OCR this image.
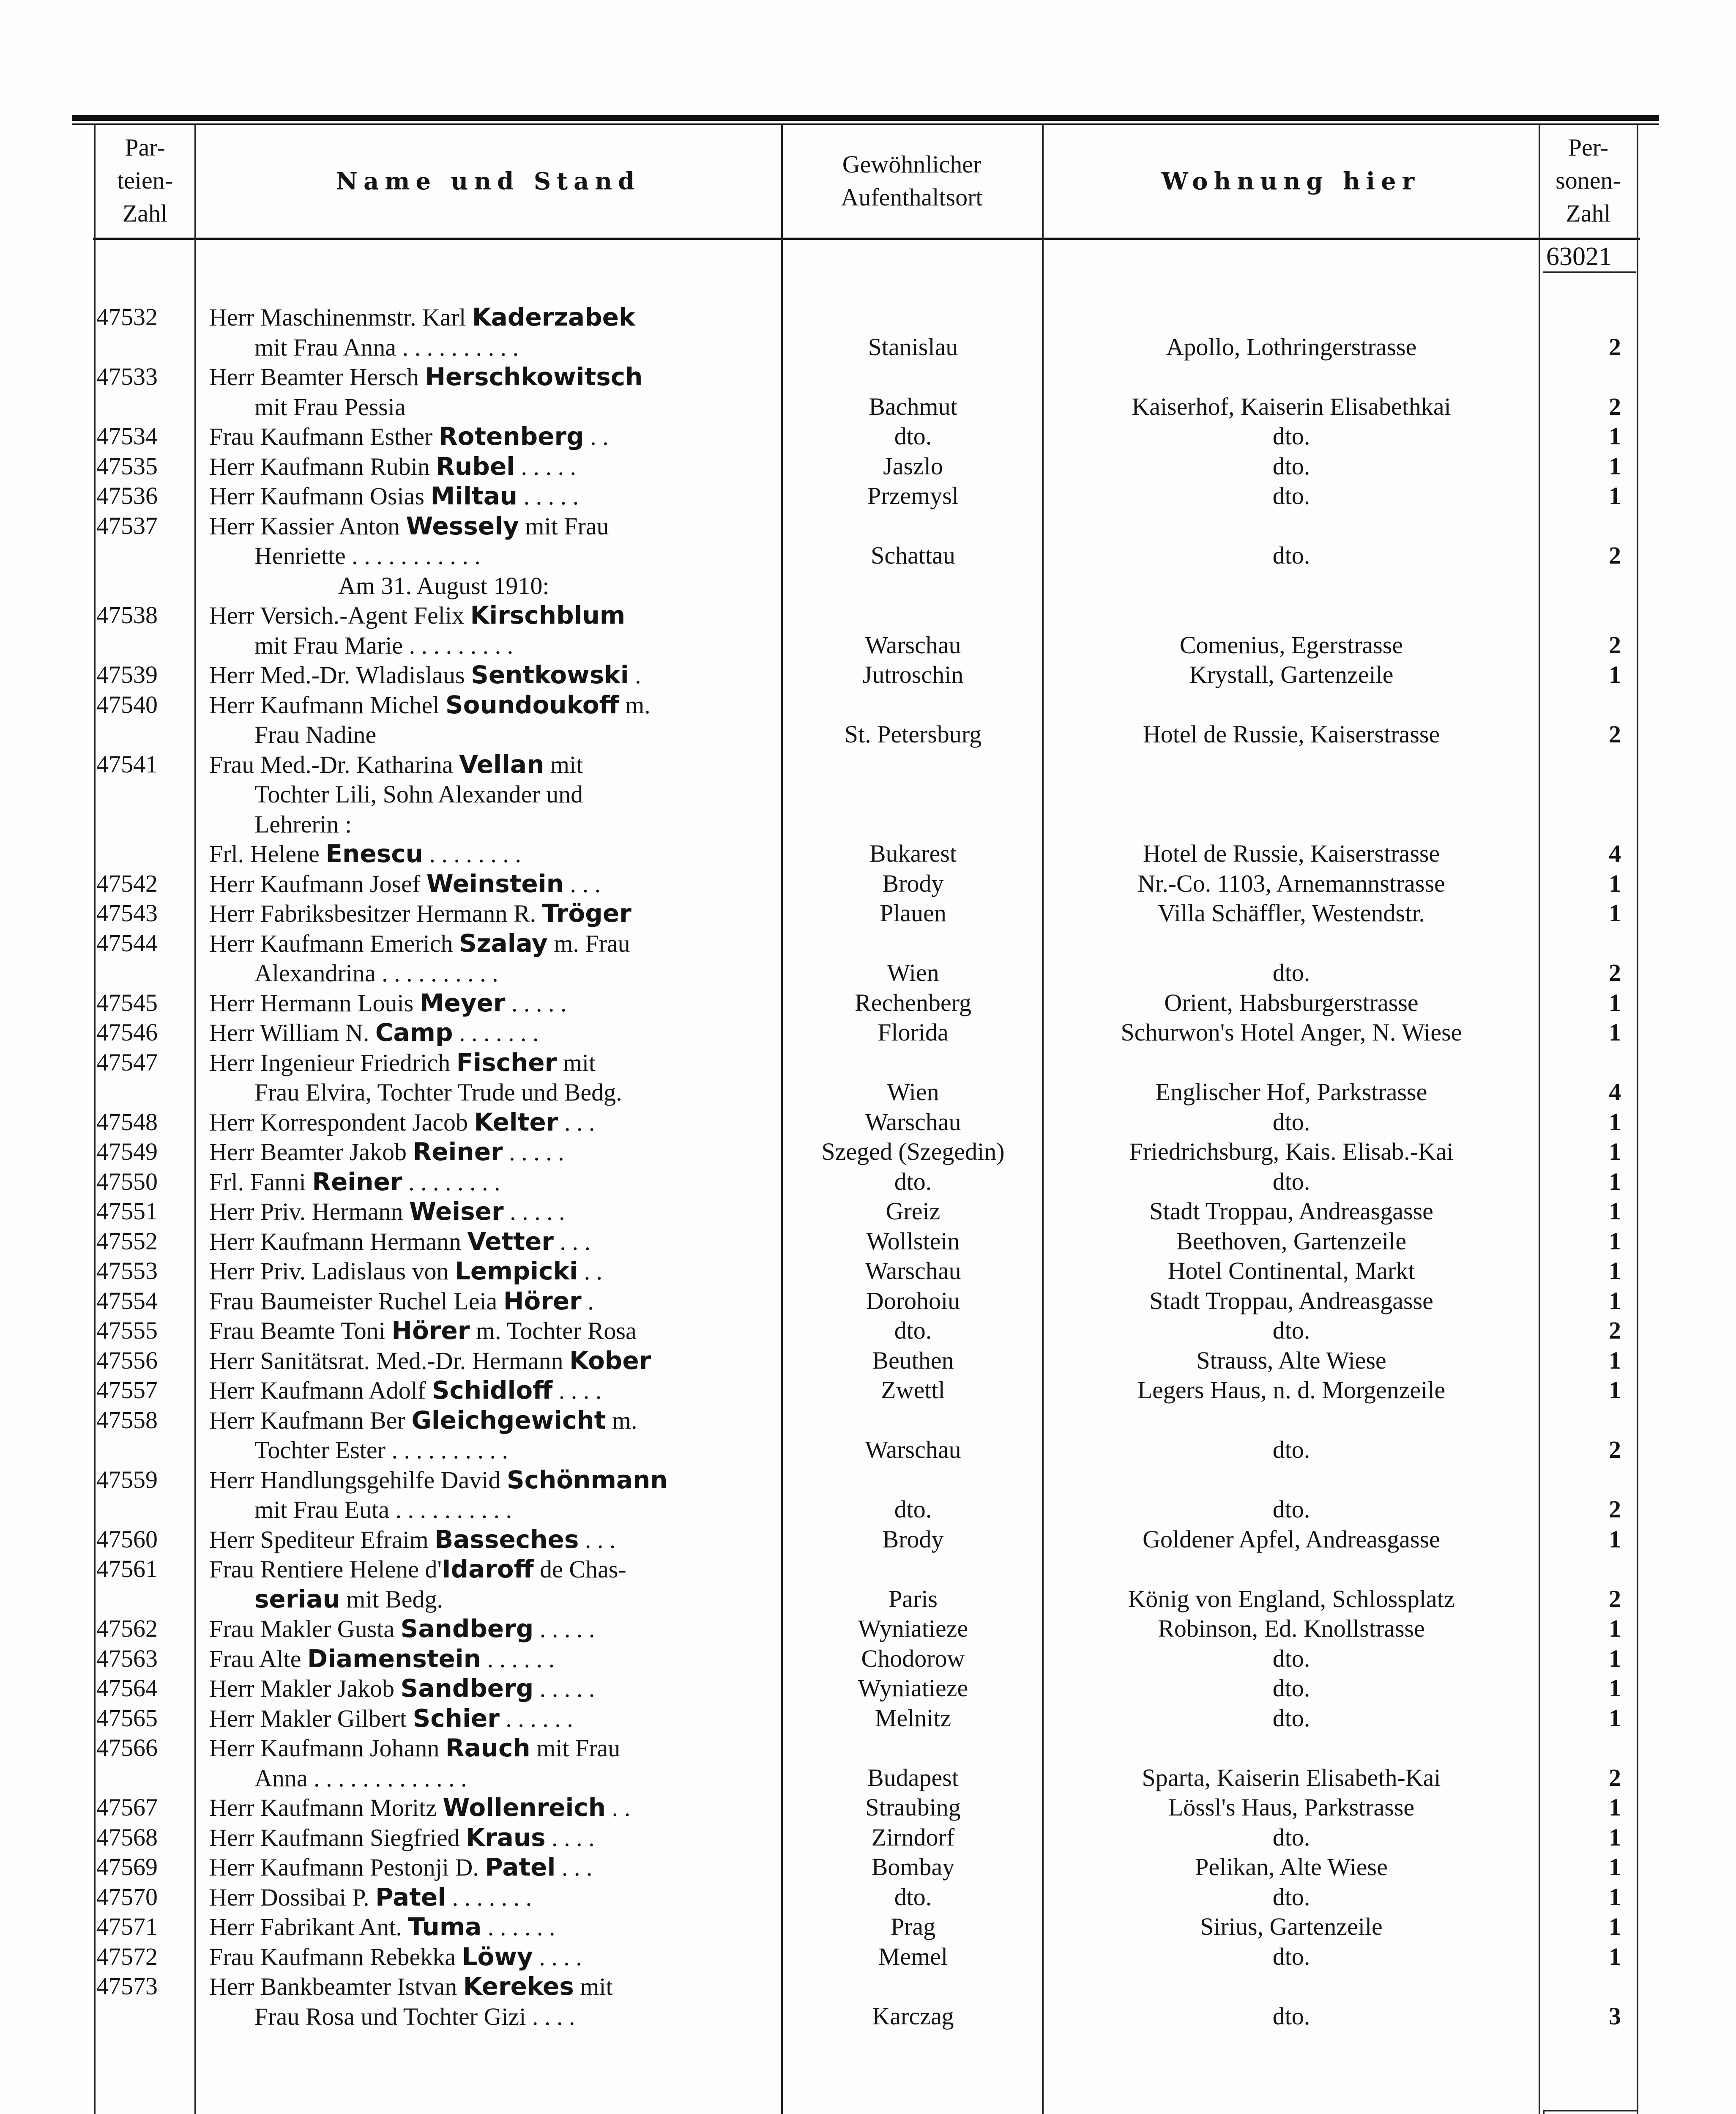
Par-
teien-
Zahl
Name und Stand
Gewöhnlicher
Aufenthaltsort
Wohnung hier
Per-
sonen-
Zahl
63021
47532	Herr Maschinenmstr. Karl Kaderzabek
mit Frau Anna . . . . . . . . . .	Stanislau	Apollo, Lothringerstrasse	2
47533	Herr Beamter Hersch Herschkowitsch
mit Frau Pessia	Bachmut	Kaiserhof, Kaiserin Elisabethkai	2
47534	Frau Kaufmann Esther Rotenberg . .	dto.	dto.	1
47535	Herr Kaufmann Rubin Rubel . . . . .	Jaszlo	dto.	1
47536	Herr Kaufmann Osias Miltau . . . . .	Przemysl	dto.	1
47537	Herr Kassier Anton Wessely mit Frau
Henriette . . . . . . . . . . .	Schattau	dto.	2
Am 31. August 1910:
47538	Herr Versich.-Agent Felix Kirschblum
mit Frau Marie . . . . . . . . .	Warschau	Comenius, Egerstrasse	2
47539	Herr Med.-Dr. Wladislaus Sentkowski .	Jutroschin	Krystall, Gartenzeile	1
47540	Herr Kaufmann Michel Soundoukoff m.
Frau Nadine	St. Petersburg	Hotel de Russie, Kaiserstrasse	2
47541	Frau Med.-Dr. Katharina Vellan mit
Tochter Lili, Sohn Alexander und
Lehrerin :
Frl. Helene Enescu . . . . . . . .	Bukarest	Hotel de Russie, Kaiserstrasse	4
47542	Herr Kaufmann Josef Weinstein . . .	Brody	Nr.-Co. 1103, Arnemannstrasse	1
47543	Herr Fabriksbesitzer Hermann R. Tröger	Plauen	Villa Schäffler, Westendstr.	1
47544	Herr Kaufmann Emerich Szalay m. Frau
Alexandrina . . . . . . . . . .	Wien	dto.	2
47545	Herr Hermann Louis Meyer . . . . .	Rechenberg	Orient, Habsburgerstrasse	1
47546	Herr William N. Camp . . . . . . .	Florida	Schurwon's Hotel Anger, N. Wiese	1
47547	Herr Ingenieur Friedrich Fischer mit
Frau Elvira, Tochter Trude und Bedg.	Wien	Englischer Hof, Parkstrasse	4
47548	Herr Korrespondent Jacob Kelter . . .	Warschau	dto.	1
47549	Herr Beamter Jakob Reiner . . . . .	Szeged (Szegedin)	Friedrichsburg, Kais. Elisab.-Kai	1
47550	Frl. Fanni Reiner . . . . . . . .	dto.	dto.	1
47551	Herr Priv. Hermann Weiser . . . . .	Greiz	Stadt Troppau, Andreasgasse	1
47552	Herr Kaufmann Hermann Vetter . . .	Wollstein	Beethoven, Gartenzeile	1
47553	Herr Priv. Ladislaus von Lempicki . .	Warschau	Hotel Continental, Markt	1
47554	Frau Baumeister Ruchel Leia Hörer .	Dorohoiu	Stadt Troppau, Andreasgasse	1
47555	Frau Beamte Toni Hörer m. Tochter Rosa	dto.	dto.	2
47556	Herr Sanitätsrat. Med.-Dr. Hermann Kober	Beuthen	Strauss, Alte Wiese	1
47557	Herr Kaufmann Adolf Schidloff . . . .	Zwettl	Legers Haus, n. d. Morgenzeile	1
47558	Herr Kaufmann Ber Gleichgewicht m.
Tochter Ester . . . . . . . . . .	Warschau	dto.	2
47559	Herr Handlungsgehilfe David Schönmann
mit Frau Euta . . . . . . . . . .	dto.	dto.	2
47560	Herr Spediteur Efraim Basseches . . .	Brody	Goldener Apfel, Andreasgasse	1
47561	Frau Rentiere Helene d'Idaroff de Chas-
seriau mit Bedg.	Paris	König von England, Schlossplatz	2
47562	Frau Makler Gusta Sandberg . . . . .	Wyniatieze	Robinson, Ed. Knollstrasse	1
47563	Frau Alte Diamenstein . . . . . .	Chodorow	dto.	1
47564	Herr Makler Jakob Sandberg . . . . .	Wyniatieze	dto.	1
47565	Herr Makler Gilbert Schier . . . . . .	Melnitz	dto.	1
47566	Herr Kaufmann Johann Rauch mit Frau
Anna . . . . . . . . . . . . .	Budapest	Sparta, Kaiserin Elisabeth-Kai	2
47567	Herr Kaufmann Moritz Wollenreich . .	Straubing	Lössl's Haus, Parkstrasse	1
47568	Herr Kaufmann Siegfried Kraus . . . .	Zirndorf	dto.	1
47569	Herr Kaufmann Pestonji D. Patel . . .	Bombay	Pelikan, Alte Wiese	1
47570	Herr Dossibai P. Patel . . . . . . .	dto.	dto.	1
47571	Herr Fabrikant Ant. Tuma . . . . . .	Prag	Sirius, Gartenzeile	1
47572	Frau Kaufmann Rebekka Löwy . . . .	Memel	dto.	1
47573	Herr Bankbeamter Istvan Kerekes mit
Frau Rosa und Tochter Gizi . . . .	Karczag	dto.	3
